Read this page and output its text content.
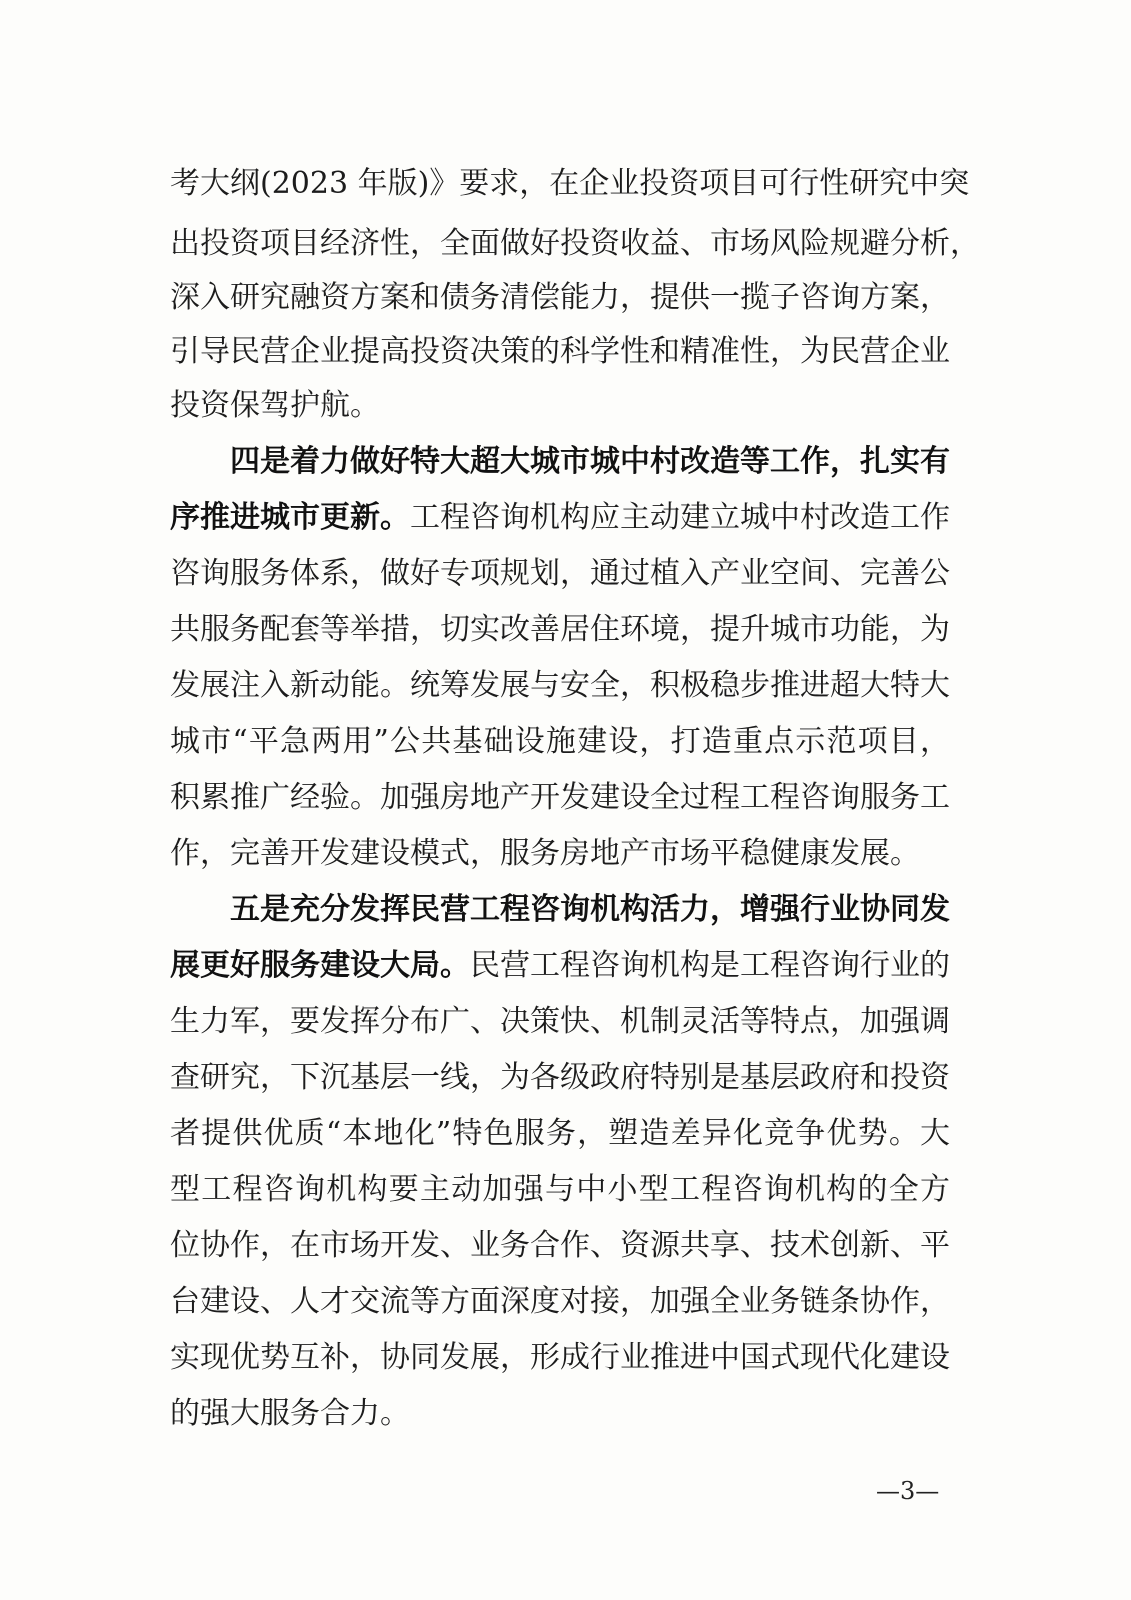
考大纲(2023 年版)》要求，在企业投资项目可行性研究中突
出投资项目经济性，全面做好投资收益、市场风险规避分析，
深入研究融资方案和债务清偿能力，提供一揽子咨询方案，
引导民营企业提高投资决策的科学性和精准性，为民营企业
投资保驾护航。
四是着力做好特大超大城市城中村改造等工作，扎实有
序推进城市更新。工程咨询机构应主动建立城中村改造工作
咨询服务体系，做好专项规划，通过植入产业空间、完善公
共服务配套等举措，切实改善居住环境，提升城市功能，为
发展注入新动能。统筹发展与安全，积极稳步推进超大特大
城市“平急两用”公共基础设施建设，打造重点示范项目，
积累推广经验。加强房地产开发建设全过程工程咨询服务工
作，完善开发建设模式，服务房地产市场平稳健康发展。
五是充分发挥民营工程咨询机构活力，增强行业协同发
展更好服务建设大局。民营工程咨询机构是工程咨询行业的
生力军，要发挥分布广、决策快、机制灵活等特点，加强调
查研究，下沉基层一线，为各级政府特别是基层政府和投资
者提供优质“本地化”特色服务，塑造差异化竞争优势。大
型工程咨询机构要主动加强与中小型工程咨询机构的全方
位协作，在市场开发、业务合作、资源共享、技术创新、平
台建设、人才交流等方面深度对接，加强全业务链条协作，
实现优势互补，协同发展，形成行业推进中国式现代化建设
的强大服务合力。
—3—
